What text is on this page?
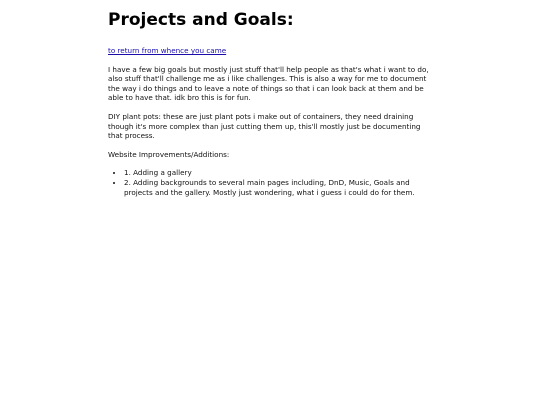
Projects and Goals:
to return from whence you came

I have a few big goals but mostly just stuff that'll help people as that's what i want to do, also stuff that'll challenge me as i like challenges. This is also a way for me to document the way i do things and to leave a note of things so that i can look back at them and be able to have that. idk bro this is for fun.

DIY plant pots: these are just plant pots i make out of containers, they need draining though it's more complex than just cutting them up, this'll mostly just be documenting that process.

Website Improvements/Additions:

• 1. Adding a gallery
• 2. Adding backgrounds to several main pages including, DnD, Music, Goals and projects and the gallery. Mostly just wondering, what i guess i could do for them.
